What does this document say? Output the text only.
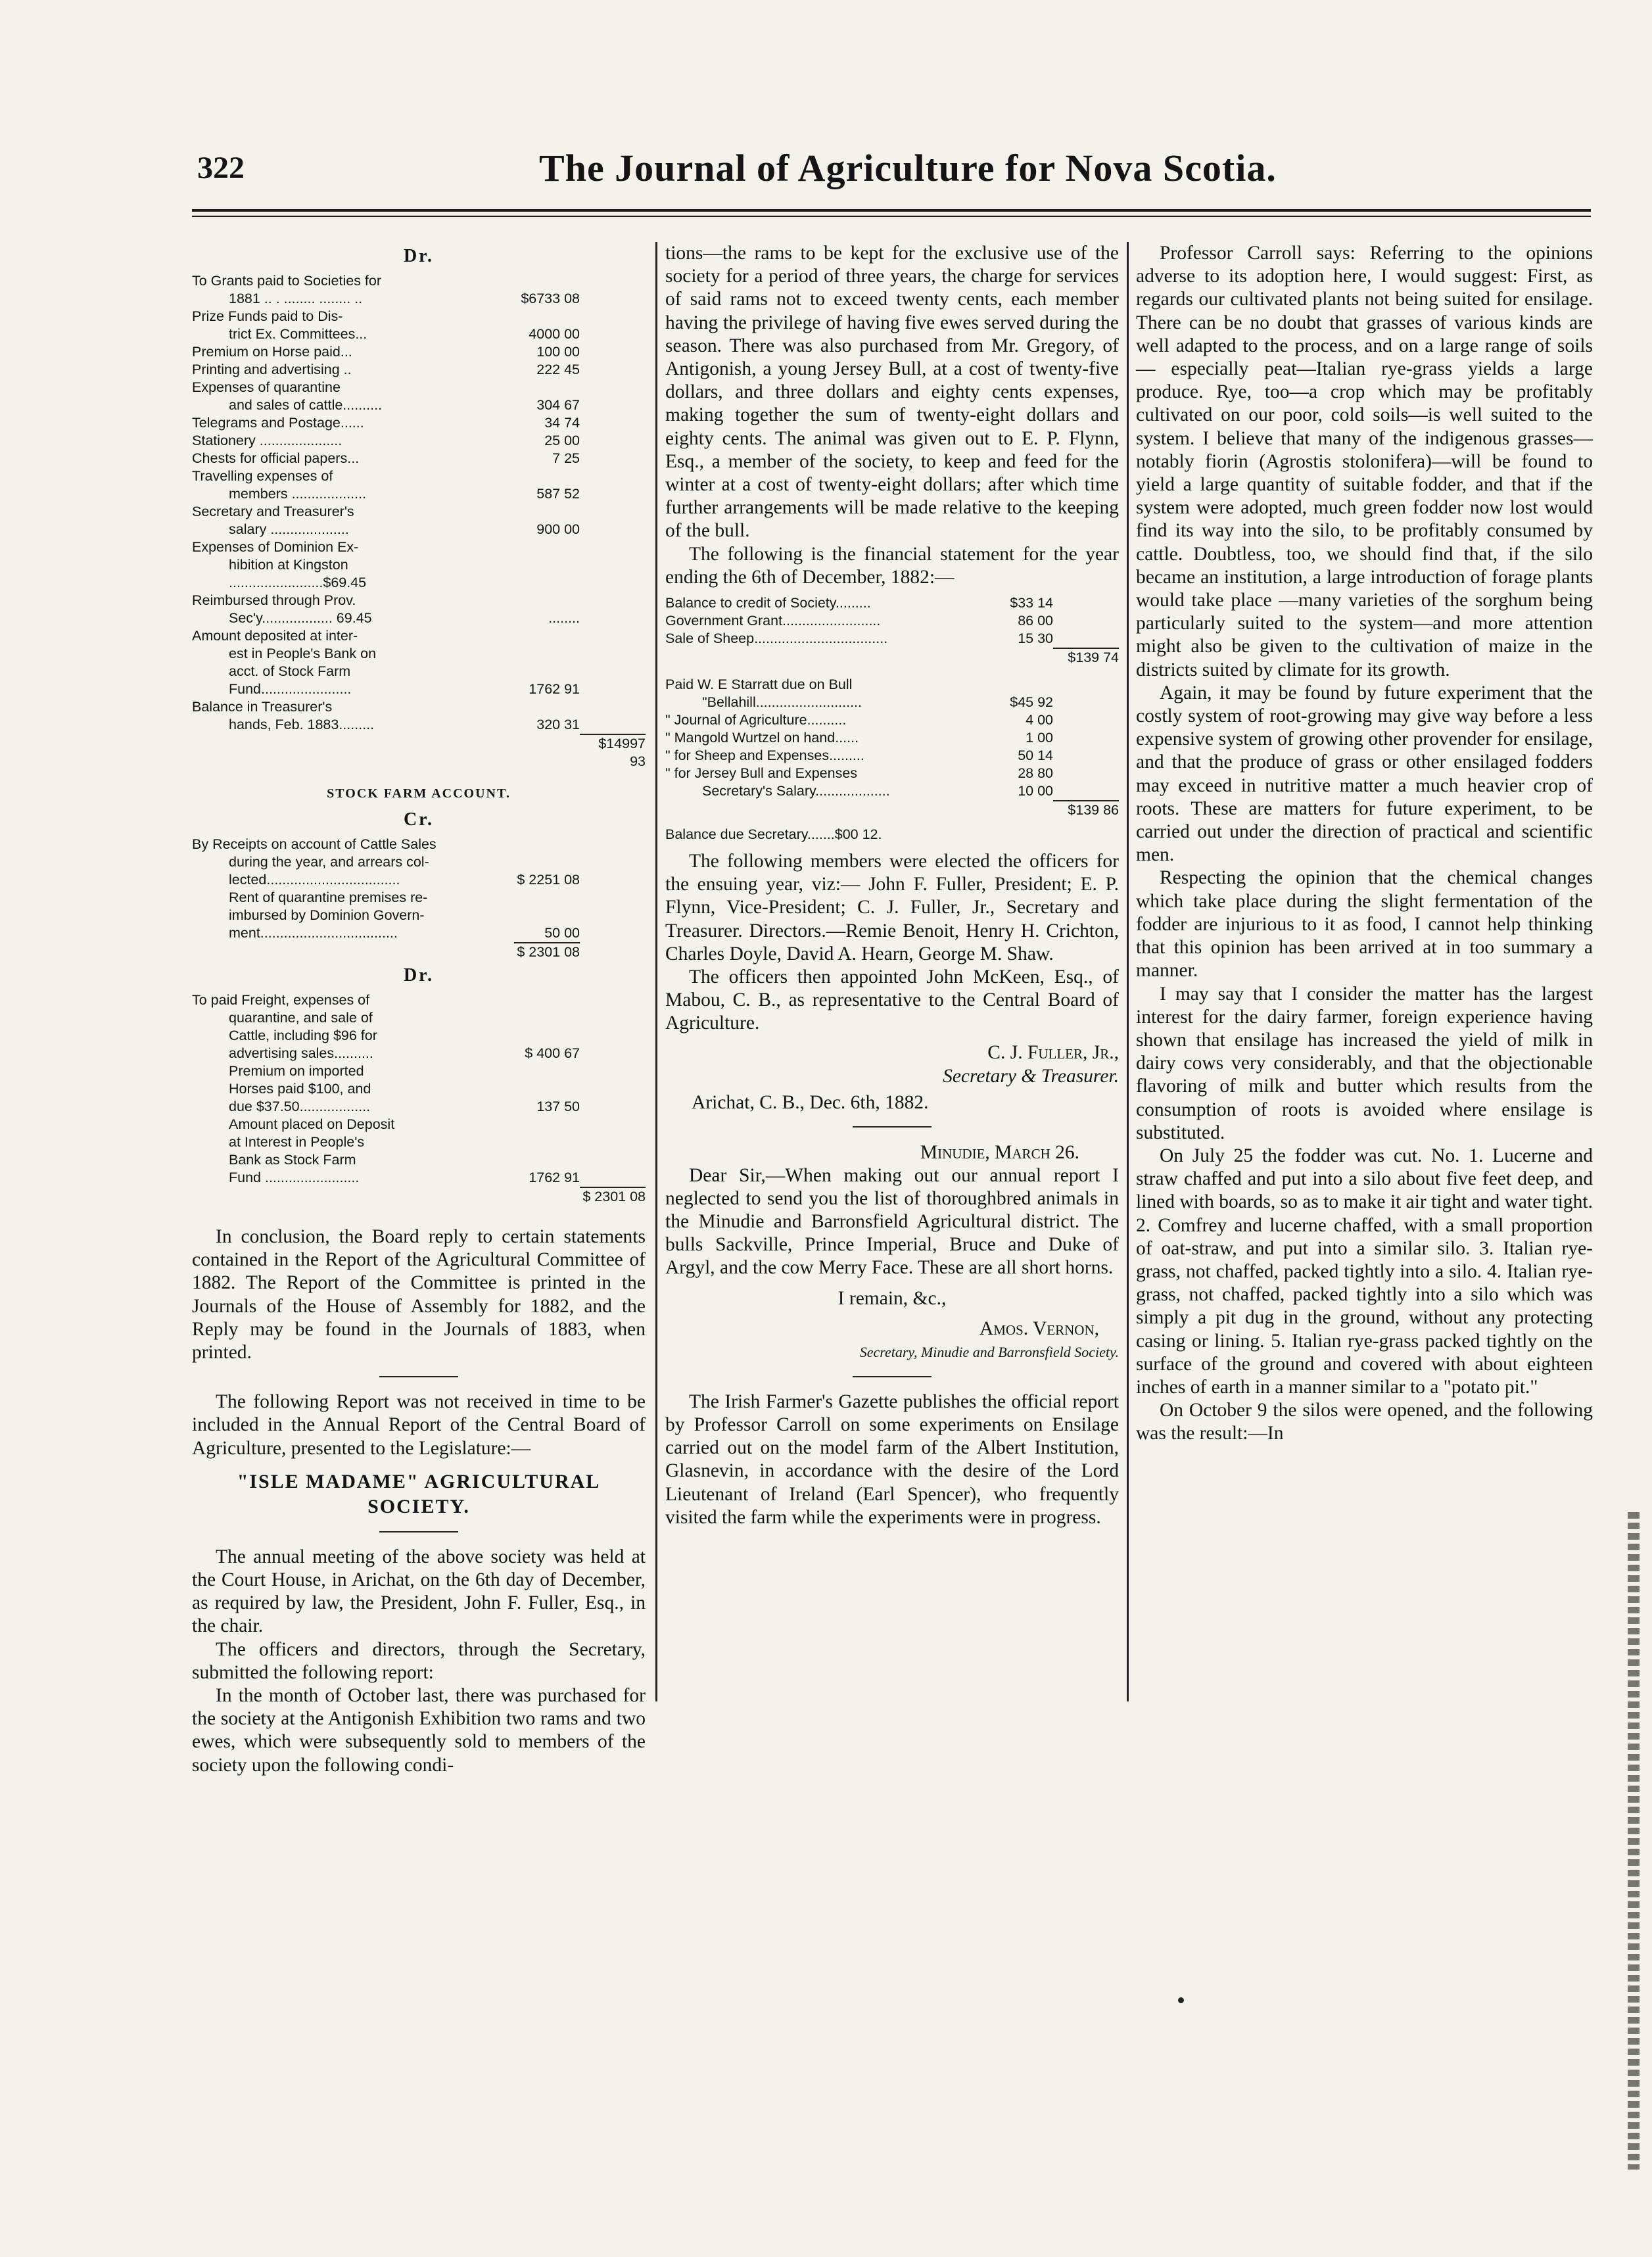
322	The Journal of Agriculture for Nova Scotia.
Dr.
To Grants paid to Societies for
1881 .. . ........ ........ ..	$6733 08
Prize Funds paid to Dis-
trict Ex. Committees...	4000 00
Premium on Horse paid...	100 00
Printing and advertising ..	222 45
Expenses of quarantine
and sales of cattle..........	304 67
Telegrams and Postage......	34 74
Stationery .....................	25 00
Chests for official papers...	7 25
Travelling expenses of
members ...................	587 52
Secretary and Treasurer's
salary ....................	900 00
Expenses of Dominion Ex-
hibition at Kingston
........................$69.45
Reimbursed through Prov.
Sec'y.................. 69.45	........
Amount deposited at inter-
est in People's Bank on
acct. of Stock Farm
Fund.......................	1762 91
Balance in Treasurer's
hands, Feb. 1883.........	320 31
$14997 93
STOCK FARM ACCOUNT.
Cr.
By Receipts on account of Cattle Sales
during the year, and arrears col-
lected..................................	$ 2251 08
Rent of quarantine premises re-
imbursed by Dominion Govern-
ment...................................	50 00
$ 2301 08
Dr.
To paid Freight, expenses of
quarantine, and sale of
Cattle, including $96 for
advertising sales..........	$ 400 67
Premium on imported
Horses paid $100, and
due $37.50..................	137 50
Amount placed on Deposit
at Interest in People's
Bank as Stock Farm
Fund ........................	1762 91
$ 2301 08

In conclusion, the Board reply to certain statements contained in the Report of the Agricultural Committee of 1882. The Report of the Committee is printed in the Journals of the House of Assembly for 1882, and the Reply may be found in the Journals of 1883, when printed.

The following Report was not received in time to be included in the Annual Report of the Central Board of Agriculture, presented to the Legislature:—

"ISLE MADAME" AGRICULTURAL SOCIETY.

The annual meeting of the above society was held at the Court House, in Arichat, on the 6th day of December, as required by law, the President, John F. Fuller, Esq., in the chair.

The officers and directors, through the Secretary, submitted the following report:

In the month of October last, there was purchased for the society at the Antigonish Exhibition two rams and two ewes, which were subsequently sold to members of the society upon the following condi-

tions—the rams to be kept for the exclusive use of the society for a period of three years, the charge for services of said rams not to exceed twenty cents, each member having the privilege of having five ewes served during the season. There was also purchased from Mr. Gregory, of Antigonish, a young Jersey Bull, at a cost of twenty-five dollars, and three dollars and eighty cents expenses, making together the sum of twenty-eight dollars and eighty cents. The animal was given out to E. P. Flynn, Esq., a member of the society, to keep and feed for the winter at a cost of twenty-eight dollars; after which time further arrangements will be made relative to the keeping of the bull.

The following is the financial statement for the year ending the 6th of December, 1882:—

Balance to credit of Society.........	$33 14
Government Grant.........................	86 00
Sale of Sheep..................................	15 30
$139 74
Paid W. E Starratt due on Bull
"Bellahill...........................	$45 92
" Journal of Agriculture..........	4 00
" Mangold Wurtzel on hand......	1 00
" for Sheep and Expenses.........	50 14
" for Jersey Bull and Expenses	28 80
Secretary's Salary...................	10 00
$139 86
Balance due Secretary.......$00 12.

The following members were elected the officers for the ensuing year, viz:— John F. Fuller, President; E. P. Flynn, Vice-President; C. J. Fuller, Jr., Secretary and Treasurer. Directors.—Remie Benoit, Henry H. Crichton, Charles Doyle, David A. Hearn, George M. Shaw.

The officers then appointed John McKeen, Esq., of Mabou, C. B., as representative to the Central Board of Agriculture.

C. J. Fuller, Jr.,

Secretary & Treasurer.

Arichat, C. B., Dec. 6th, 1882.

Minudie, March 26.

Dear Sir,—When making out our annual report I neglected to send you the list of thoroughbred animals in the Minudie and Barronsfield Agricultural district. The bulls Sackville, Prince Imperial, Bruce and Duke of Argyl, and the cow Merry Face. These are all short horns.

I remain, &c.,

Amos. Vernon,

Secretary, Minudie and Barronsfield Society.

The Irish Farmer's Gazette publishes the official report by Professor Carroll on some experiments on Ensilage carried out on the model farm of the Albert Institution, Glasnevin, in accordance with the desire of the Lord Lieutenant of Ireland (Earl Spencer), who frequently visited the farm while the experiments were in progress.

Professor Carroll says: Referring to the opinions adverse to its adoption here, I would suggest: First, as regards our cultivated plants not being suited for ensilage. There can be no doubt that grasses of various kinds are well adapted to the process, and on a large range of soils— especially peat—Italian rye-grass yields a large produce. Rye, too—a crop which may be profitably cultivated on our poor, cold soils—is well suited to the system. I believe that many of the indigenous grasses—notably fiorin (Agrostis stolonifera)—will be found to yield a large quantity of suitable fodder, and that if the system were adopted, much green fodder now lost would find its way into the silo, to be profitably consumed by cattle. Doubtless, too, we should find that, if the silo became an institution, a large introduction of forage plants would take place —many varieties of the sorghum being particularly suited to the system—and more attention might also be given to the cultivation of maize in the districts suited by climate for its growth.

Again, it may be found by future experiment that the costly system of root-growing may give way before a less expensive system of growing other provender for ensilage, and that the produce of grass or other ensilaged fodders may exceed in nutritive matter a much heavier crop of roots. These are matters for future experiment, to be carried out under the direction of practical and scientific men.

Respecting the opinion that the chemical changes which take place during the slight fermentation of the fodder are injurious to it as food, I cannot help thinking that this opinion has been arrived at in too summary a manner.

I may say that I consider the matter has the largest interest for the dairy farmer, foreign experience having shown that ensilage has increased the yield of milk in dairy cows very considerably, and that the objectionable flavoring of milk and butter which results from the consumption of roots is avoided where ensilage is substituted.

On July 25 the fodder was cut. No. 1. Lucerne and straw chaffed and put into a silo about five feet deep, and lined with boards, so as to make it air tight and water tight. 2. Comfrey and lucerne chaffed, with a small proportion of oat-straw, and put into a similar silo. 3. Italian rye-grass, not chaffed, packed tightly into a silo. 4. Italian rye-grass, not chaffed, packed tightly into a silo which was simply a pit dug in the ground, without any protecting casing or lining. 5. Italian rye-grass packed tightly on the surface of the ground and covered with about eighteen inches of earth in a manner similar to a "potato pit."

On October 9 the silos were opened, and the following was the result:—In
